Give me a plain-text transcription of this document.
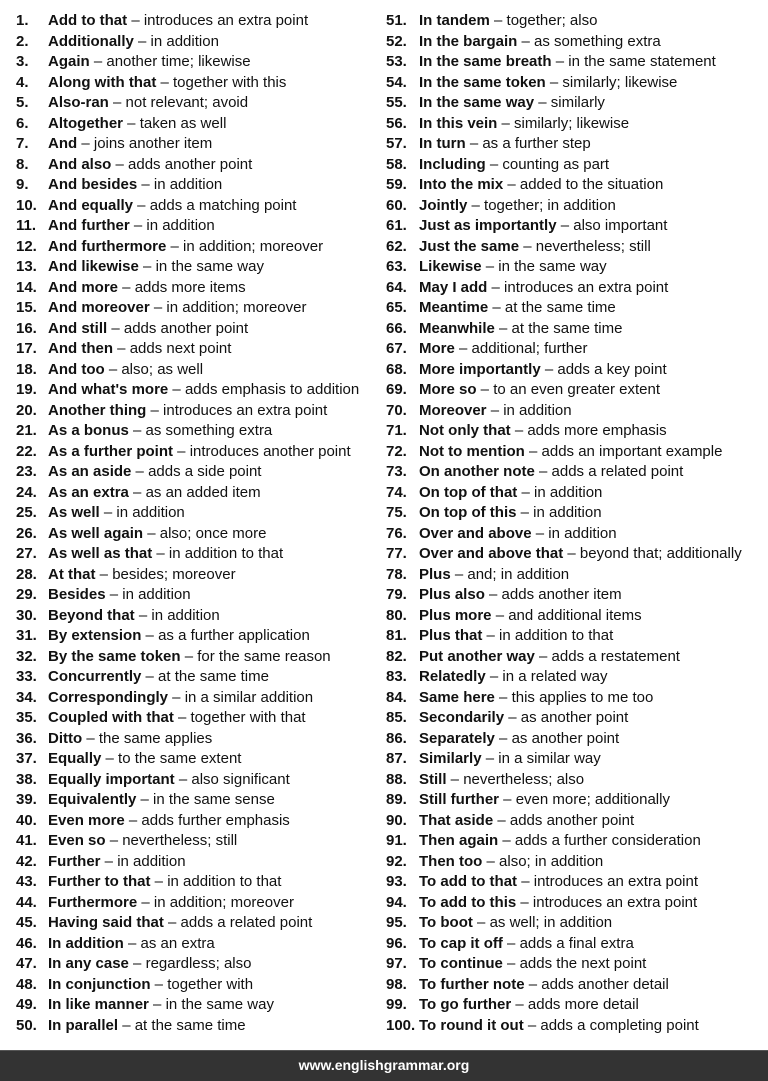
1.	Add to that – introduces an extra point
2.	Additionally – in addition
3.	Again – another time; likewise
4.	Along with that – together with this
5.	Also-ran – not relevant; avoid
6.	Altogether – taken as well
7.	And – joins another item
8.	And also – adds another point
9.	And besides – in addition
10. And equally – adds a matching point
11. And further – in addition
12. And furthermore – in addition; moreover
13. And likewise – in the same way
14. And more – adds more items
15. And moreover – in addition; moreover
16. And still – adds another point
17. And then – adds next point
18. And too – also; as well
19. And what's more – adds emphasis to addition
20. Another thing – introduces an extra point
21. As a bonus – as something extra
22. As a further point – introduces another point
23. As an aside – adds a side point
24. As an extra – as an added item
25. As well – in addition
26. As well again – also; once more
27. As well as that – in addition to that
28. At that – besides; moreover
29. Besides – in addition
30. Beyond that – in addition
31. By extension – as a further application
32. By the same token – for the same reason
33. Concurrently – at the same time
34. Correspondingly – in a similar addition
35. Coupled with that – together with that
36. Ditto – the same applies
37. Equally – to the same extent
38. Equally important – also significant
39. Equivalently – in the same sense
40. Even more – adds further emphasis
41. Even so – nevertheless; still
42. Further – in addition
43. Further to that – in addition to that
44. Furthermore – in addition; moreover
45. Having said that – adds a related point
46. In addition – as an extra
47. In any case – regardless; also
48. In conjunction – together with
49. In like manner – in the same way
50. In parallel – at the same time
51. In tandem – together; also
52. In the bargain – as something extra
53. In the same breath – in the same statement
54. In the same token – similarly; likewise
55. In the same way – similarly
56. In this vein – similarly; likewise
57. In turn – as a further step
58. Including – counting as part
59. Into the mix – added to the situation
60. Jointly – together; in addition
61. Just as importantly – also important
62. Just the same – nevertheless; still
63. Likewise – in the same way
64. May I add – introduces an extra point
65. Meantime – at the same time
66. Meanwhile – at the same time
67. More – additional; further
68. More importantly – adds a key point
69. More so – to an even greater extent
70. Moreover – in addition
71. Not only that – adds more emphasis
72. Not to mention – adds an important example
73. On another note – adds a related point
74. On top of that – in addition
75. On top of this – in addition
76. Over and above – in addition
77. Over and above that – beyond that; additionally
78. Plus – and; in addition
79. Plus also – adds another item
80. Plus more – and additional items
81. Plus that – in addition to that
82. Put another way – adds a restatement
83. Relatedly – in a related way
84. Same here – this applies to me too
85. Secondarily – as another point
86. Separately – as another point
87. Similarly – in a similar way
88. Still – nevertheless; also
89. Still further – even more; additionally
90. That aside – adds another point
91. Then again – adds a further consideration
92. Then too – also; in addition
93. To add to that – introduces an extra point
94. To add to this – introduces an extra point
95. To boot – as well; in addition
96. To cap it off – adds a final extra
97. To continue – adds the next point
98. To further note – adds another detail
99. To go further – adds more detail
100. To round it out – adds a completing point
www.englishgrammar.org
